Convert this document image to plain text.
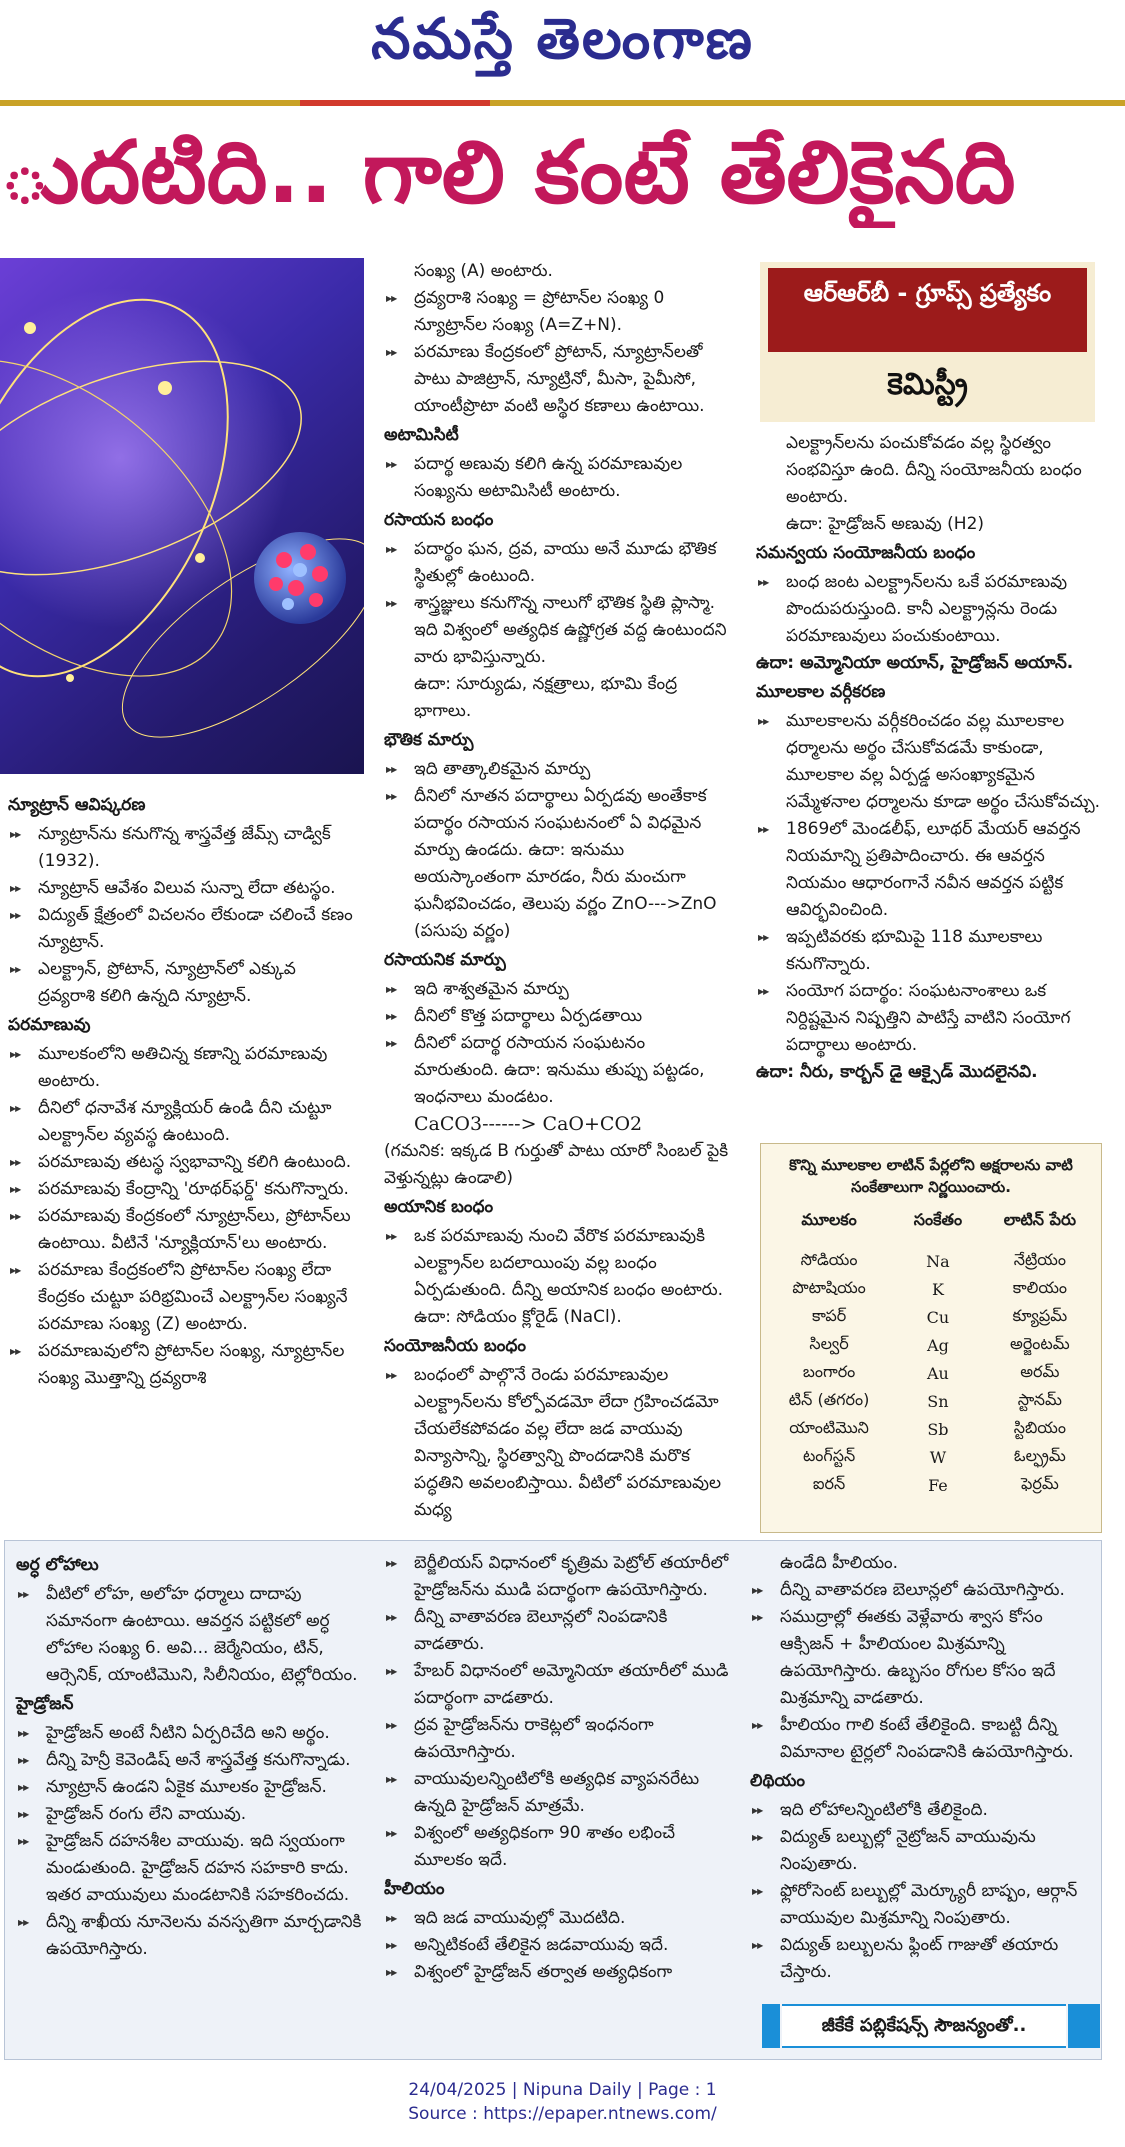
నమస్తే తెలంగాణ
ుదటిది.. గాలి కంటే తేలికైనది
ఆర్ఆర్‌బీ - గ్రూప్స్ ప్రత్యేకం
కెమిస్ట్రీ
న్యూట్రాన్ ఆవిష్కరణ
▶▶ న్యూట్రాన్‌ను కనుగొన్న శాస్త్రవేత్త జేమ్స్ చాడ్విక్ (1932).
▶▶ న్యూట్రాన్ ఆవేశం విలువ సున్నా లేదా తటస్థం.
▶▶ విద్యుత్ క్షేత్రంలో విచలనం లేకుండా చలించే కణం న్యూట్రాన్.
▶▶ ఎలక్ట్రాన్, ప్రోటాన్, న్యూట్రాన్‌లో ఎక్కువ ద్రవ్యరాశి కలిగి ఉన్నది న్యూట్రాన్.
పరమాణువు
▶▶ మూలకంలోని అతిచిన్న కణాన్ని పరమాణువు అంటారు.
▶▶ దీనిలో ధనావేశ న్యూక్లియర్ ఉండి దీని చుట్టూ ఎలక్ట్రాన్‌ల వ్యవస్థ ఉంటుంది.
▶▶ పరమాణువు తటస్థ స్వభావాన్ని కలిగి ఉంటుంది.
▶▶ పరమాణువు కేంద్రాన్ని 'రూథర్‌ఫర్డ్' కనుగొన్నారు.
▶▶ పరమాణువు కేంద్రకంలో న్యూట్రాన్‌లు, ప్రోటాన్‌లు ఉంటాయి. వీటినే 'న్యూక్లియాన్'లు అంటారు.
▶▶ పరమాణు కేంద్రకంలోని ప్రోటాన్‌ల సంఖ్య లేదా కేంద్రకం చుట్టూ పరిభ్రమించే ఎలక్ట్రాన్‌ల సంఖ్యనే పరమాణు సంఖ్య (Z) అంటారు.
▶▶ పరమాణువులోని ప్రోటాన్‌ల సంఖ్య, న్యూట్రాన్‌ల సంఖ్య మొత్తాన్ని ద్రవ్యరాశి

సంఖ్య (A) అంటారు.

▶▶ ద్రవ్యరాశి సంఖ్య = ప్రోటాన్‌ల సంఖ్య 0 న్యూట్రాన్‌ల సంఖ్య (A=Z+N).
▶▶ పరమాణు కేంద్రకంలో ప్రోటాన్, న్యూట్రాన్‌లతో పాటు పాజిట్రాన్, న్యూట్రినో, మీసా, పైమీసో, యాంటీప్రొటా వంటి అస్థిర కణాలు ఉంటాయి.
అటామిసిటీ
▶▶ పదార్థ అణువు కలిగి ఉన్న పరమాణువుల సంఖ్యను అటామిసిటీ అంటారు.
రసాయన బంధం
▶▶ పదార్థం ఘన, ద్రవ, వాయు అనే మూడు భౌతిక స్థితుల్లో ఉంటుంది.
▶▶ శాస్త్రజ్ఞులు కనుగొన్న నాలుగో భౌతిక స్థితి ప్లాస్మా. ఇది విశ్వంలో అత్యధిక ఉష్ణోగ్రత వద్ద ఉంటుందని వారు భావిస్తున్నారు.

ఉదా: సూర్యుడు, నక్షత్రాలు, భూమి కేంద్ర భాగాలు.

భౌతిక మార్పు
▶▶ ఇది తాత్కాలికమైన మార్పు
▶▶ దీనిలో నూతన పదార్థాలు ఏర్పడవు అంతేకాక పదార్థం రసాయన సంఘటనంలో ఏ విధమైన మార్పు ఉండదు. ఉదా: ఇనుము అయస్కాంతంగా మారడం, నీరు మంచుగా ఘనీభవించడం, తెలుపు వర్ణం ZnO--->ZnO (పసుపు వర్ణం)
రసాయనిక మార్పు
▶▶ ఇది శాశ్వతమైన మార్పు
▶▶ దీనిలో కొత్త పదార్థాలు ఏర్పడతాయి
▶▶ దీనిలో పదార్థ రసాయన సంఘటనం మారుతుంది. ఉదా: ఇనుము తుప్పు పట్టడం, ఇంధనాలు మండటం.

CaCO3------> CaO+CO2

(గమనిక: ఇక్కడ B గుర్తుతో పాటు యారో సింబల్ పైకి వెళ్తున్నట్లు ఉండాలి)

అయానిక బంధం
▶▶ ఒక పరమాణువు నుంచి వేరొక పరమాణువుకి ఎలక్ట్రాన్‌ల బదలాయింపు వల్ల బంధం ఏర్పడుతుంది. దీన్ని అయానిక బంధం అంటారు. ఉదా: సోడియం క్లోరైడ్ (NaCl).
సంయోజనీయ బంధం
▶▶ బంధంలో పాల్గొనే రెండు పరమాణువుల ఎలక్ట్రాన్‌లను కోల్పోవడమో లేదా గ్రహించడమో చేయలేకపోవడం వల్ల లేదా జడ వాయువు విన్యాసాన్ని, స్థిరత్వాన్ని పొందడానికి మరొక పద్ధతిని అవలంబిస్తాయి. వీటిలో పరమాణువుల మధ్య

ఎలక్ట్రాన్‌లను పంచుకోవడం వల్ల స్థిరత్వం సంభవిస్తూ ఉంది. దీన్ని సంయోజనీయ బంధం అంటారు.

ఉదా: హైడ్రోజన్ అణువు (H2)

సమన్వయ సంయోజనీయ బంధం
▶▶ బంధ జంట ఎలక్ట్రాన్‌లను ఒకే పరమాణువు పొందుపరుస్తుంది. కానీ ఎలక్ట్రాన్లను రెండు పరమాణువులు పంచుకుంటాయి.

ఉదా: అమ్మోనియా అయాన్, హైడ్రోజన్ అయాన్.

మూలకాల వర్గీకరణ
▶▶ మూలకాలను వర్గీకరించడం వల్ల మూలకాల ధర్మాలను అర్థం చేసుకోవడమే కాకుండా, మూలకాల వల్ల ఏర్పడ్డ అసంఖ్యాకమైన సమ్మేళనాల ధర్మాలను కూడా అర్థం చేసుకోవచ్చు.
▶▶ 1869లో మెండలీఫ్, లూథర్ మేయర్ ఆవర్తన నియమాన్ని ప్రతిపాదించారు. ఈ ఆవర్తన నియమం ఆధారంగానే నవీన ఆవర్తన పట్టిక ఆవిర్భవించింది.
▶▶ ఇప్పటివరకు భూమిపై 118 మూలకాలు కనుగొన్నారు.
▶▶ సంయోగ పదార్థం: సంఘటనాంశాలు ఒక నిర్దిష్టమైన నిష్పత్తిని పాటిస్తే వాటిని సంయోగ పదార్థాలు అంటారు.

ఉదా: నీరు, కార్బన్ డై ఆక్సైడ్ మొదలైనవి.

కొన్ని మూలకాల లాటిన్ పేర్లలోని అక్షరాలను వాటి సంకేతాలుగా నిర్ణయించారు.
మూలకం	సంకేతం	లాటిన్ పేరు
సోడియం	Na	నేట్రియం
పొటాషియం	K	కాలియం
కాపర్	Cu	క్యూప్రమ్
సిల్వర్	Ag	అర్జెంటమ్
బంగారం	Au	అరమ్
టిన్ (తగరం)	Sn	స్టానమ్
యాంటిమొని	Sb	స్టిబియం
టంగ్‌స్టన్	W	ఓల్ఫ్రమ్
ఐరన్	Fe	ఫెర్రమ్
అర్ధ లోహాలు
▶▶ వీటిలో లోహ, అలోహ ధర్మాలు దాదాపు సమానంగా ఉంటాయి. ఆవర్తన పట్టికలో అర్ధ లోహాల సంఖ్య 6. అవి... జెర్మేనియం, టిన్, ఆర్సెనిక్, యాంటిమొని, సిలీనియం, టెల్లోరియం.
హైడ్రోజన్
▶▶ హైడ్రోజన్ అంటే నీటిని ఏర్పరిచేది అని అర్థం.
▶▶ దీన్ని హెన్రీ కెవెండిష్ అనే శాస్త్రవేత్త కనుగొన్నాడు.
▶▶ న్యూట్రాన్ ఉండని ఏకైక మూలకం హైడ్రోజన్.
▶▶ హైడ్రోజన్ రంగు లేని వాయువు.
▶▶ హైడ్రోజన్ దహనశీల వాయువు. ఇది స్వయంగా మండుతుంది. హైడ్రోజన్ దహన సహకారి కాదు. ఇతర వాయువులు మండటానికి సహకరించదు.
▶▶ దీన్ని శాఖీయ నూనెలను వనస్పతిగా మార్చడానికి ఉపయోగిస్తారు.
▶▶ బెర్జీలియస్ విధానంలో కృత్రిమ పెట్రోల్ తయారీలో హైడ్రోజన్‌ను ముడి పదార్థంగా ఉపయోగిస్తారు.
▶▶ దీన్ని వాతావరణ బెలూన్లలో నింపడానికి వాడతారు.
▶▶ హేబర్ విధానంలో అమ్మోనియా తయారీలో ముడి పదార్థంగా వాడతారు.
▶▶ ద్రవ హైడ్రోజన్‌ను రాకెట్లలో ఇంధనంగా ఉపయోగిస్తారు.
▶▶ వాయువులన్నింటిలోకి అత్యధిక వ్యాపనరేటు ఉన్నది హైడ్రోజన్ మాత్రమే.
▶▶ విశ్వంలో అత్యధికంగా 90 శాతం లభించే మూలకం ఇదే.
హీలియం
▶▶ ఇది జడ వాయువుల్లో మొదటిది.
▶▶ అన్నిటికంటే తేలికైన జడవాయువు ఇదే.
▶▶ విశ్వంలో హైడ్రోజన్ తర్వాత అత్యధికంగా

ఉండేది హీలియం.

▶▶ దీన్ని వాతావరణ బెలూన్లలో ఉపయోగిస్తారు.
▶▶ సముద్రాల్లో ఈతకు వెళ్లేవారు శ్వాస కోసం ఆక్సిజన్ + హీలియంల మిశ్రమాన్ని ఉపయోగిస్తారు. ఉబ్బసం రోగుల కోసం ఇదే మిశ్రమాన్ని వాడతారు.
▶▶ హీలియం గాలి కంటే తేలికైంది. కాబట్టి దీన్ని విమానాల టైర్లలో నింపడానికి ఉపయోగిస్తారు.
లిథియం
▶▶ ఇది లోహాలన్నింటిలోకి తేలికైంది.
▶▶ విద్యుత్ బల్బుల్లో నైట్రోజన్ వాయువును నింపుతారు.
▶▶ ఫ్లోరోసెంట్ బల్బుల్లో మెర్క్యూరీ బాష్పం, ఆర్గాన్ వాయువుల మిశ్రమాన్ని నింపుతారు.
▶▶ విద్యుత్ బల్బులను ఫ్లింట్ గాజుతో తయారు చేస్తారు.
జీకేకే పబ్లికేషన్స్ సౌజన్యంతో..
24/04/2025 | Nipuna Daily | Page : 1
Source : https://epaper.ntnews.com/
